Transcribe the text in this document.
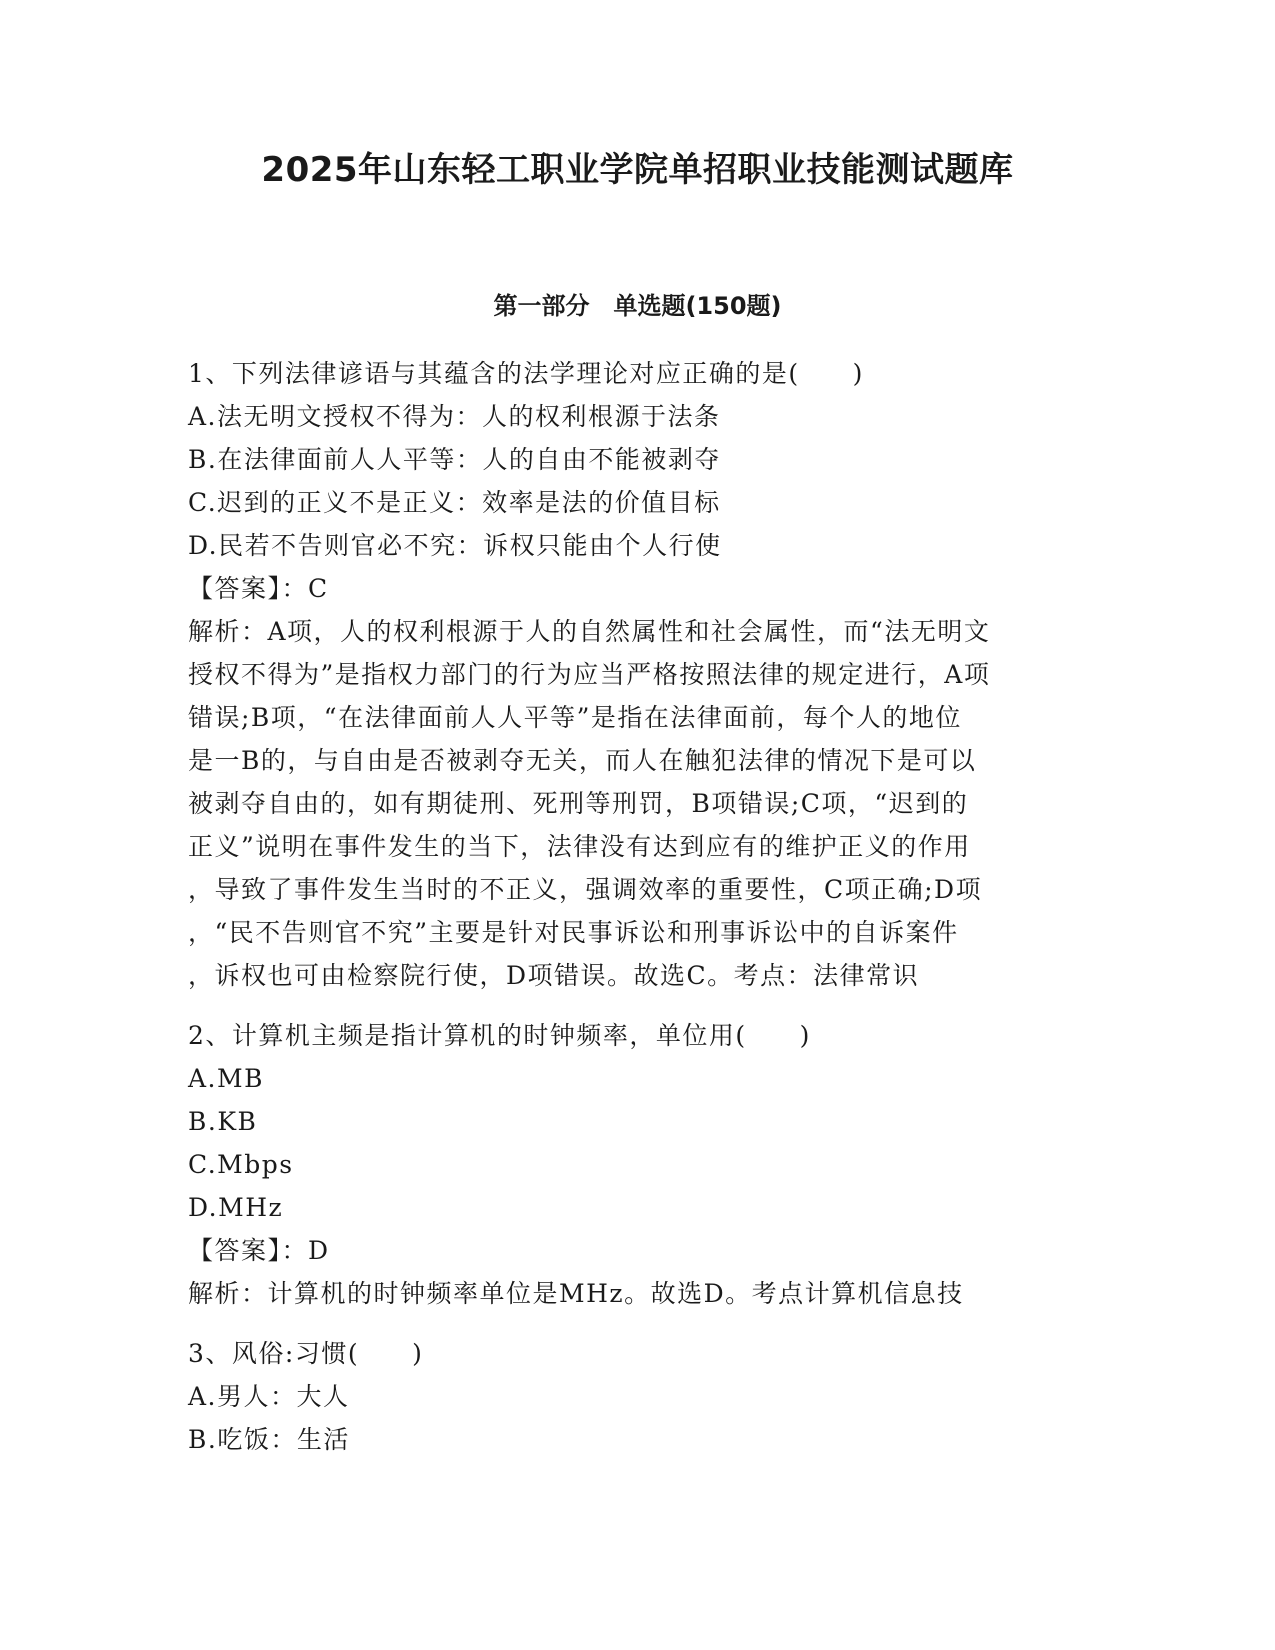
2025年山东轻工职业学院单招职业技能测试题库
第一部分　单选题(150题)
1、下列法律谚语与其蕴含的法学理论对应正确的是(　　)
A.法无明文授权不得为：人的权利根源于法条
B.在法律面前人人平等：人的自由不能被剥夺
C.迟到的正义不是正义：效率是法的价值目标
D.民若不告则官必不究：诉权只能由个人行使
【答案】：C
解析：A项，人的权利根源于人的自然属性和社会属性，而“法无明文
授权不得为”是指权力部门的行为应当严格按照法律的规定进行，A项
错误;B项，“在法律面前人人平等”是指在法律面前，每个人的地位
是一B的，与自由是否被剥夺无关，而人在触犯法律的情况下是可以
被剥夺自由的，如有期徒刑、死刑等刑罚，B项错误;C项，“迟到的
正义”说明在事件发生的当下，法律没有达到应有的维护正义的作用
，导致了事件发生当时的不正义，强调效率的重要性，C项正确;D项
，“民不告则官不究”主要是针对民事诉讼和刑事诉讼中的自诉案件
，诉权也可由检察院行使，D项错误。故选C。考点：法律常识
2、计算机主频是指计算机的时钟频率，单位用(　　)
A.MB
B.KB
C.Mbps
D.MHz
【答案】：D
解析：计算机的时钟频率单位是MHz。故选D。考点计算机信息技
3、风俗:习惯(　　)
A.男人：大人
B.吃饭：生活
